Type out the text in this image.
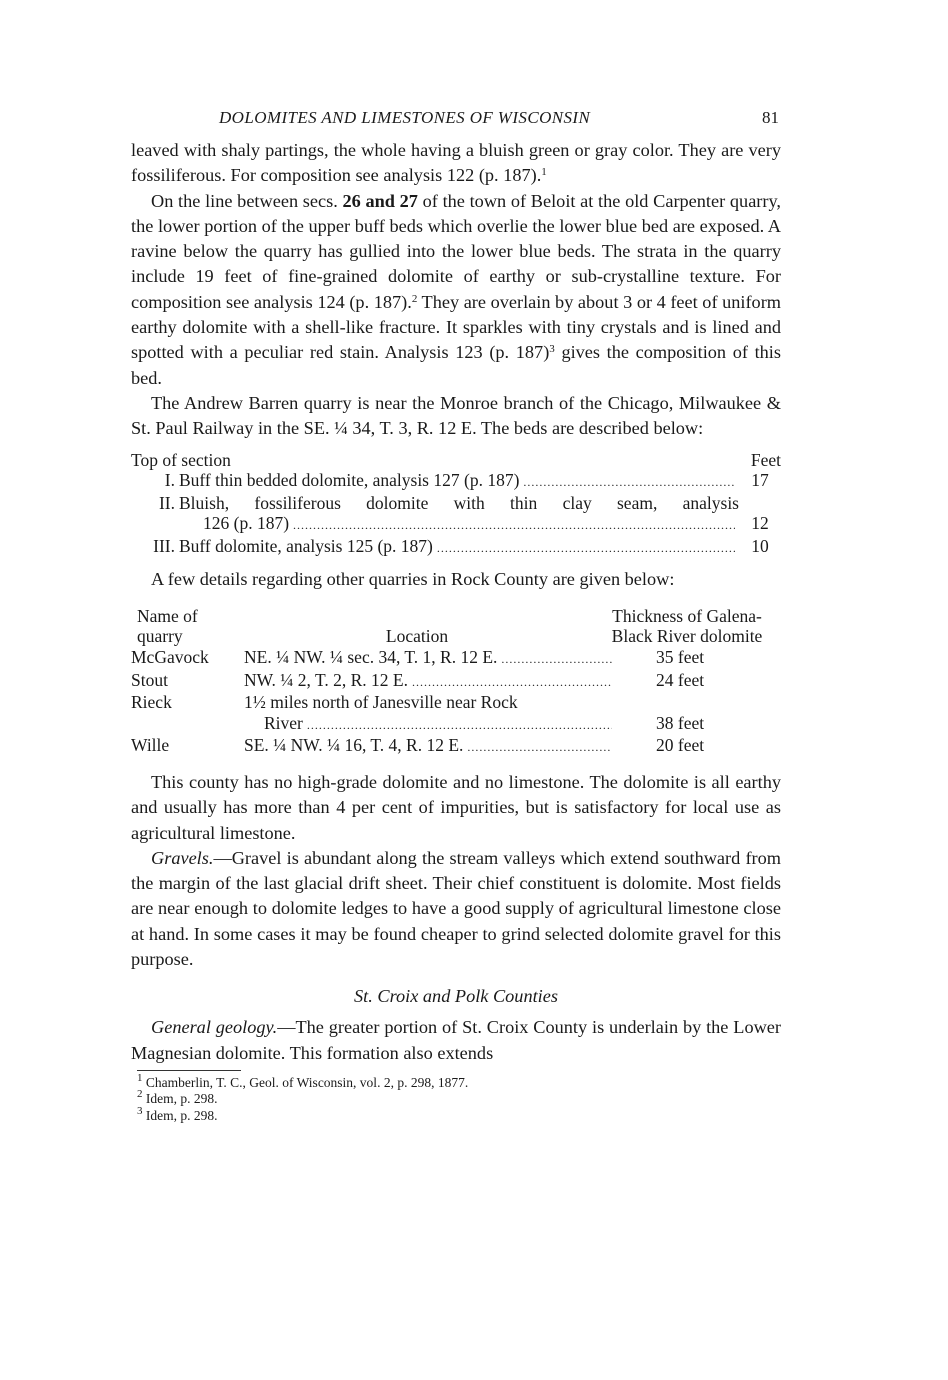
DOLOMITES AND LIMESTONES OF WISCONSIN	81

leaved with shaly partings, the whole having a bluish green or gray color. They are very fossiliferous. For composition see analysis 122 (p. 187).$^1$

On the line between secs. 26 and 27 of the town of Beloit at the old Carpenter quarry, the lower portion of the upper buff beds which overlie the lower blue bed are exposed. A ravine below the quarry has gullied into the lower blue beds. The strata in the quarry include 19 feet of fine-grained dolomite of earthy or sub-crystalline texture. For composition see analysis 124 (p. 187).$^2$ They are overlain by about 3 or 4 feet of uniform earthy dolomite with a shell-like fracture. It sparkles with tiny crystals and is lined and spotted with a peculiar red stain. Analysis 123 (p. 187)$^3$ gives the composition of this bed.

The Andrew Barren quarry is near the Monroe branch of the Chicago, Milwaukee & St. Paul Railway in the SE. ¼ 34, T. 3, R. 12 E. The beds are described below:

Top of section	Feet
I. Buff thin bedded dolomite, analysis 127 (p. 187) .....	17
II. Bluish, fossiliferous dolomite with thin clay seam, analysis
126 (p. 187) .....	12
III. Buff dolomite, analysis 125 (p. 187) .....	10

A few details regarding other quarries in Rock County are given below:

Name of
quarry	Location
Thickness of Galena-
Black River dolomite
McGavock	NE. ¼ NW. ¼ sec. 34, T. 1, R. 12 E. .....	35 feet
Stout	NW. ¼ 2, T. 2, R. 12 E. .....	24 feet
Rieck	1½ miles north of Janesville near Rock
River .....	38 feet
Wille	SE. ¼ NW. ¼ 16, T. 4, R. 12 E. .....	20 feet

This county has no high-grade dolomite and no limestone. The dolomite is all earthy and usually has more than 4 per cent of impurities, but is satisfactory for local use as agricultural limestone.

Gravels.—Gravel is abundant along the stream valleys which extend southward from the margin of the last glacial drift sheet. Their chief constituent is dolomite. Most fields are near enough to dolomite ledges to have a good supply of agricultural limestone close at hand. In some cases it may be found cheaper to grind selected dolomite gravel for this purpose.

St. Croix and Polk Counties

General geology.—The greater portion of St. Croix County is underlain by the Lower Magnesian dolomite. This formation also extends

$^1$ Chamberlin, T. C., Geol. of Wisconsin, vol. 2, p. 298, 1877.
$^2$ Idem, p. 298.
$^3$ Idem, p. 298.
